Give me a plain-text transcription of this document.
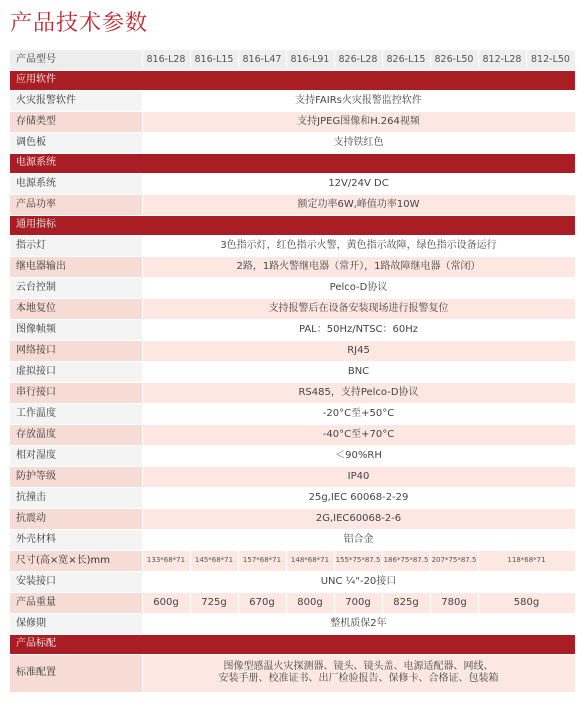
产品技术参数
产品型号	816-L28	816-L15	816-L47	816-L91	826-L28	826-L15	826-L50	812-L28	812-L50
应用软件									
火灾报警软件	支持FAIRs火灾报警监控软件								
存储类型	支持JPEG图像和H.264视频								
调色板	支持铁红色								
电源系统									
电源系统	12V/24V DC								
产品功率	额定功率6W,峰值功率10W								
通用指标									
指示灯	3色指示灯，红色指示火警，黄色指示故障，绿色指示设备运行								
继电器输出	2路，1路火警继电器（常开），1路故障继电器（常闭）								
云台控制	Pelco-D协议								
本地复位	支持报警后在设备安装现场进行报警复位								
图像帧频	PAL：50Hz/NTSC：60Hz								
网络接口	RJ45								
虚拟接口	BNC								
串行接口	RS485，支持Pelco-D协议								
工作温度	-20°C至+50°C								
存放温度	-40°C至+70°C								
相对湿度	＜90%RH								
防护等级	IP40								
抗撞击	25g,IEC 60068-2-29								
抗震动	2G,IEC60068-2-6								
外壳材料	铝合金								
尺寸(高×宽×长)mm	133*68*71	145*68*71	157*68*71	148*68*71	155*75*87.5	186*75*87.5	207*75*87.5	118*68*71	
安装接口	UNC ¼"-20接口								
产品重量	600g	725g	670g	800g	700g	825g	780g	580g	
保修期	整机质保2年								
产品标配									
标准配置	图像型感温火灾探测器、镜头、镜头盖、电源适配器、网线、
安装手册、校准证书、出厂检验报告、保修卡、合格证、包装箱								
